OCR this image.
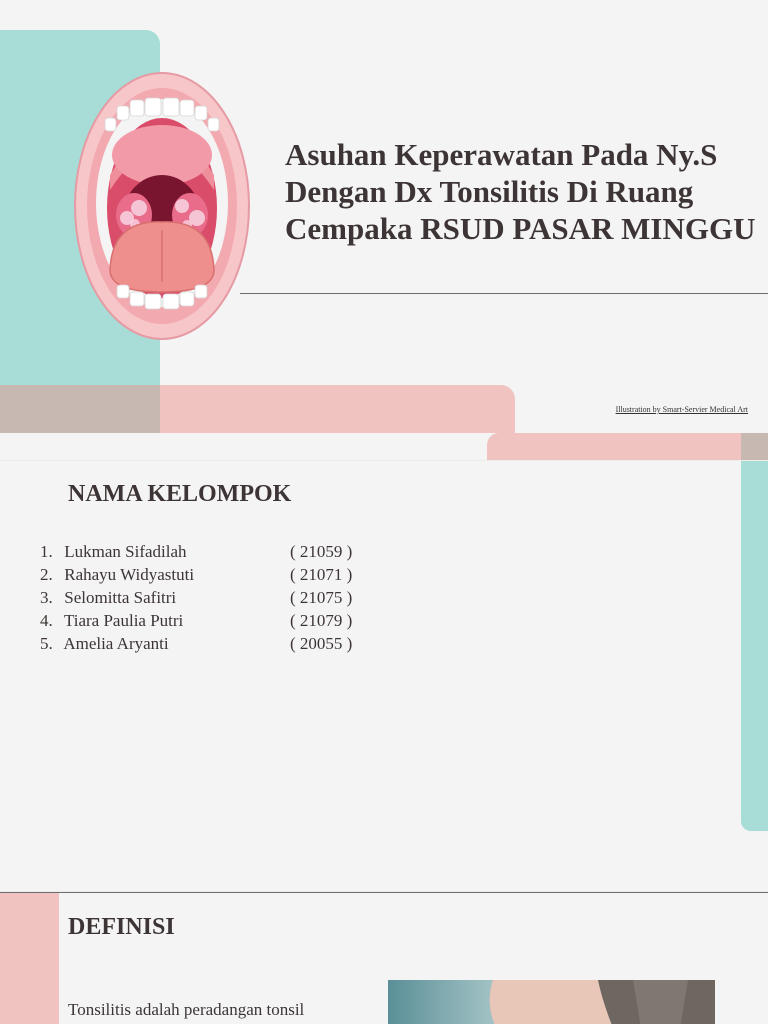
Asuhan Keperawatan Pada Ny.S Dengan Dx Tonsilitis Di Ruang Cempaka RSUD PASAR MINGGU
Illustration by Smart-Servier Medical Art
NAMA KELOMPOK
1. Lukman Sifadilah	( 21059 )
2. Rahayu Widyastuti	( 21071 )
3. Selomitta Safitri	( 21075 )
4. Tiara Paulia Putri	( 21079 )
5. Amelia Aryanti	( 20055 )
DEFINISI

Tonsilitis adalah peradangan tonsil
